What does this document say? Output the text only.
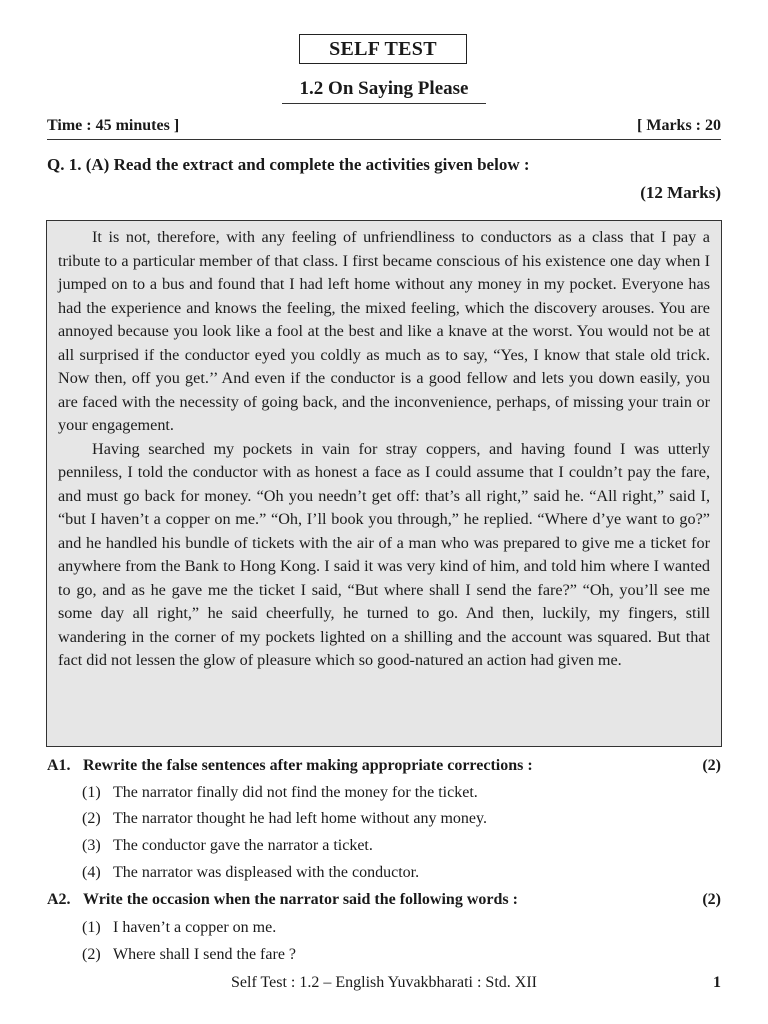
SELF TEST
1.2 On Saying Please
Time : 45 minutes ]	[ Marks : 20
Q. 1. (A) Read the extract and complete the activities given below :
(12 Marks)

It is not, therefore, with any feeling of unfriendliness to conductors as a class that I pay a tribute to a particular member of that class. I first became conscious of his existence one day when I jumped on to a bus and found that I had left home without any money in my pocket. Everyone has had the experience and knows the feeling, the mixed feeling, which the discovery arouses. You are annoyed because you look like a fool at the best and like a knave at the worst. You would not be at all surprised if the conductor eyed you coldly as much as to say, “Yes, I know that stale old trick. Now then, off you get.’’ And even if the conductor is a good fellow and lets you down easily, you are faced with the necessity of going back, and the inconvenience, perhaps, of missing your train or your engagement.

Having searched my pockets in vain for stray coppers, and having found I was utterly penniless, I told the conductor with as honest a face as I could assume that I couldn’t pay the fare, and must go back for money. “Oh you needn’t get off: that’s all right,” said he. “All right,” said I, “but I haven’t a copper on me.” “Oh, I’ll book you through,” he replied. “Where d’ye want to go?” and he handled his bundle of tickets with the air of a man who was prepared to give me a ticket for anywhere from the Bank to Hong Kong. I said it was very kind of him, and told him where I wanted to go, and as he gave me the ticket I said, “But where shall I send the fare?” “Oh, you’ll see me some day all right,” he said cheerfully, he turned to go. And then, luckily, my fingers, still wandering in the corner of my pockets lighted on a shilling and the account was squared. But that fact did not lessen the glow of pleasure which so good-natured an action had given me.

A1. Rewrite the false sentences after making appropriate corrections :	(2)
(1) The narrator finally did not find the money for the ticket.
(2) The narrator thought he had left home without any money.
(3) The conductor gave the narrator a ticket.
(4) The narrator was displeased with the conductor.
A2. Write the occasion when the narrator said the following words :	(2)
(1) I haven’t a copper on me.
(2) Where shall I send the fare ?
Self Test : 1.2 – English Yuvakbharati : Std. XII	1
